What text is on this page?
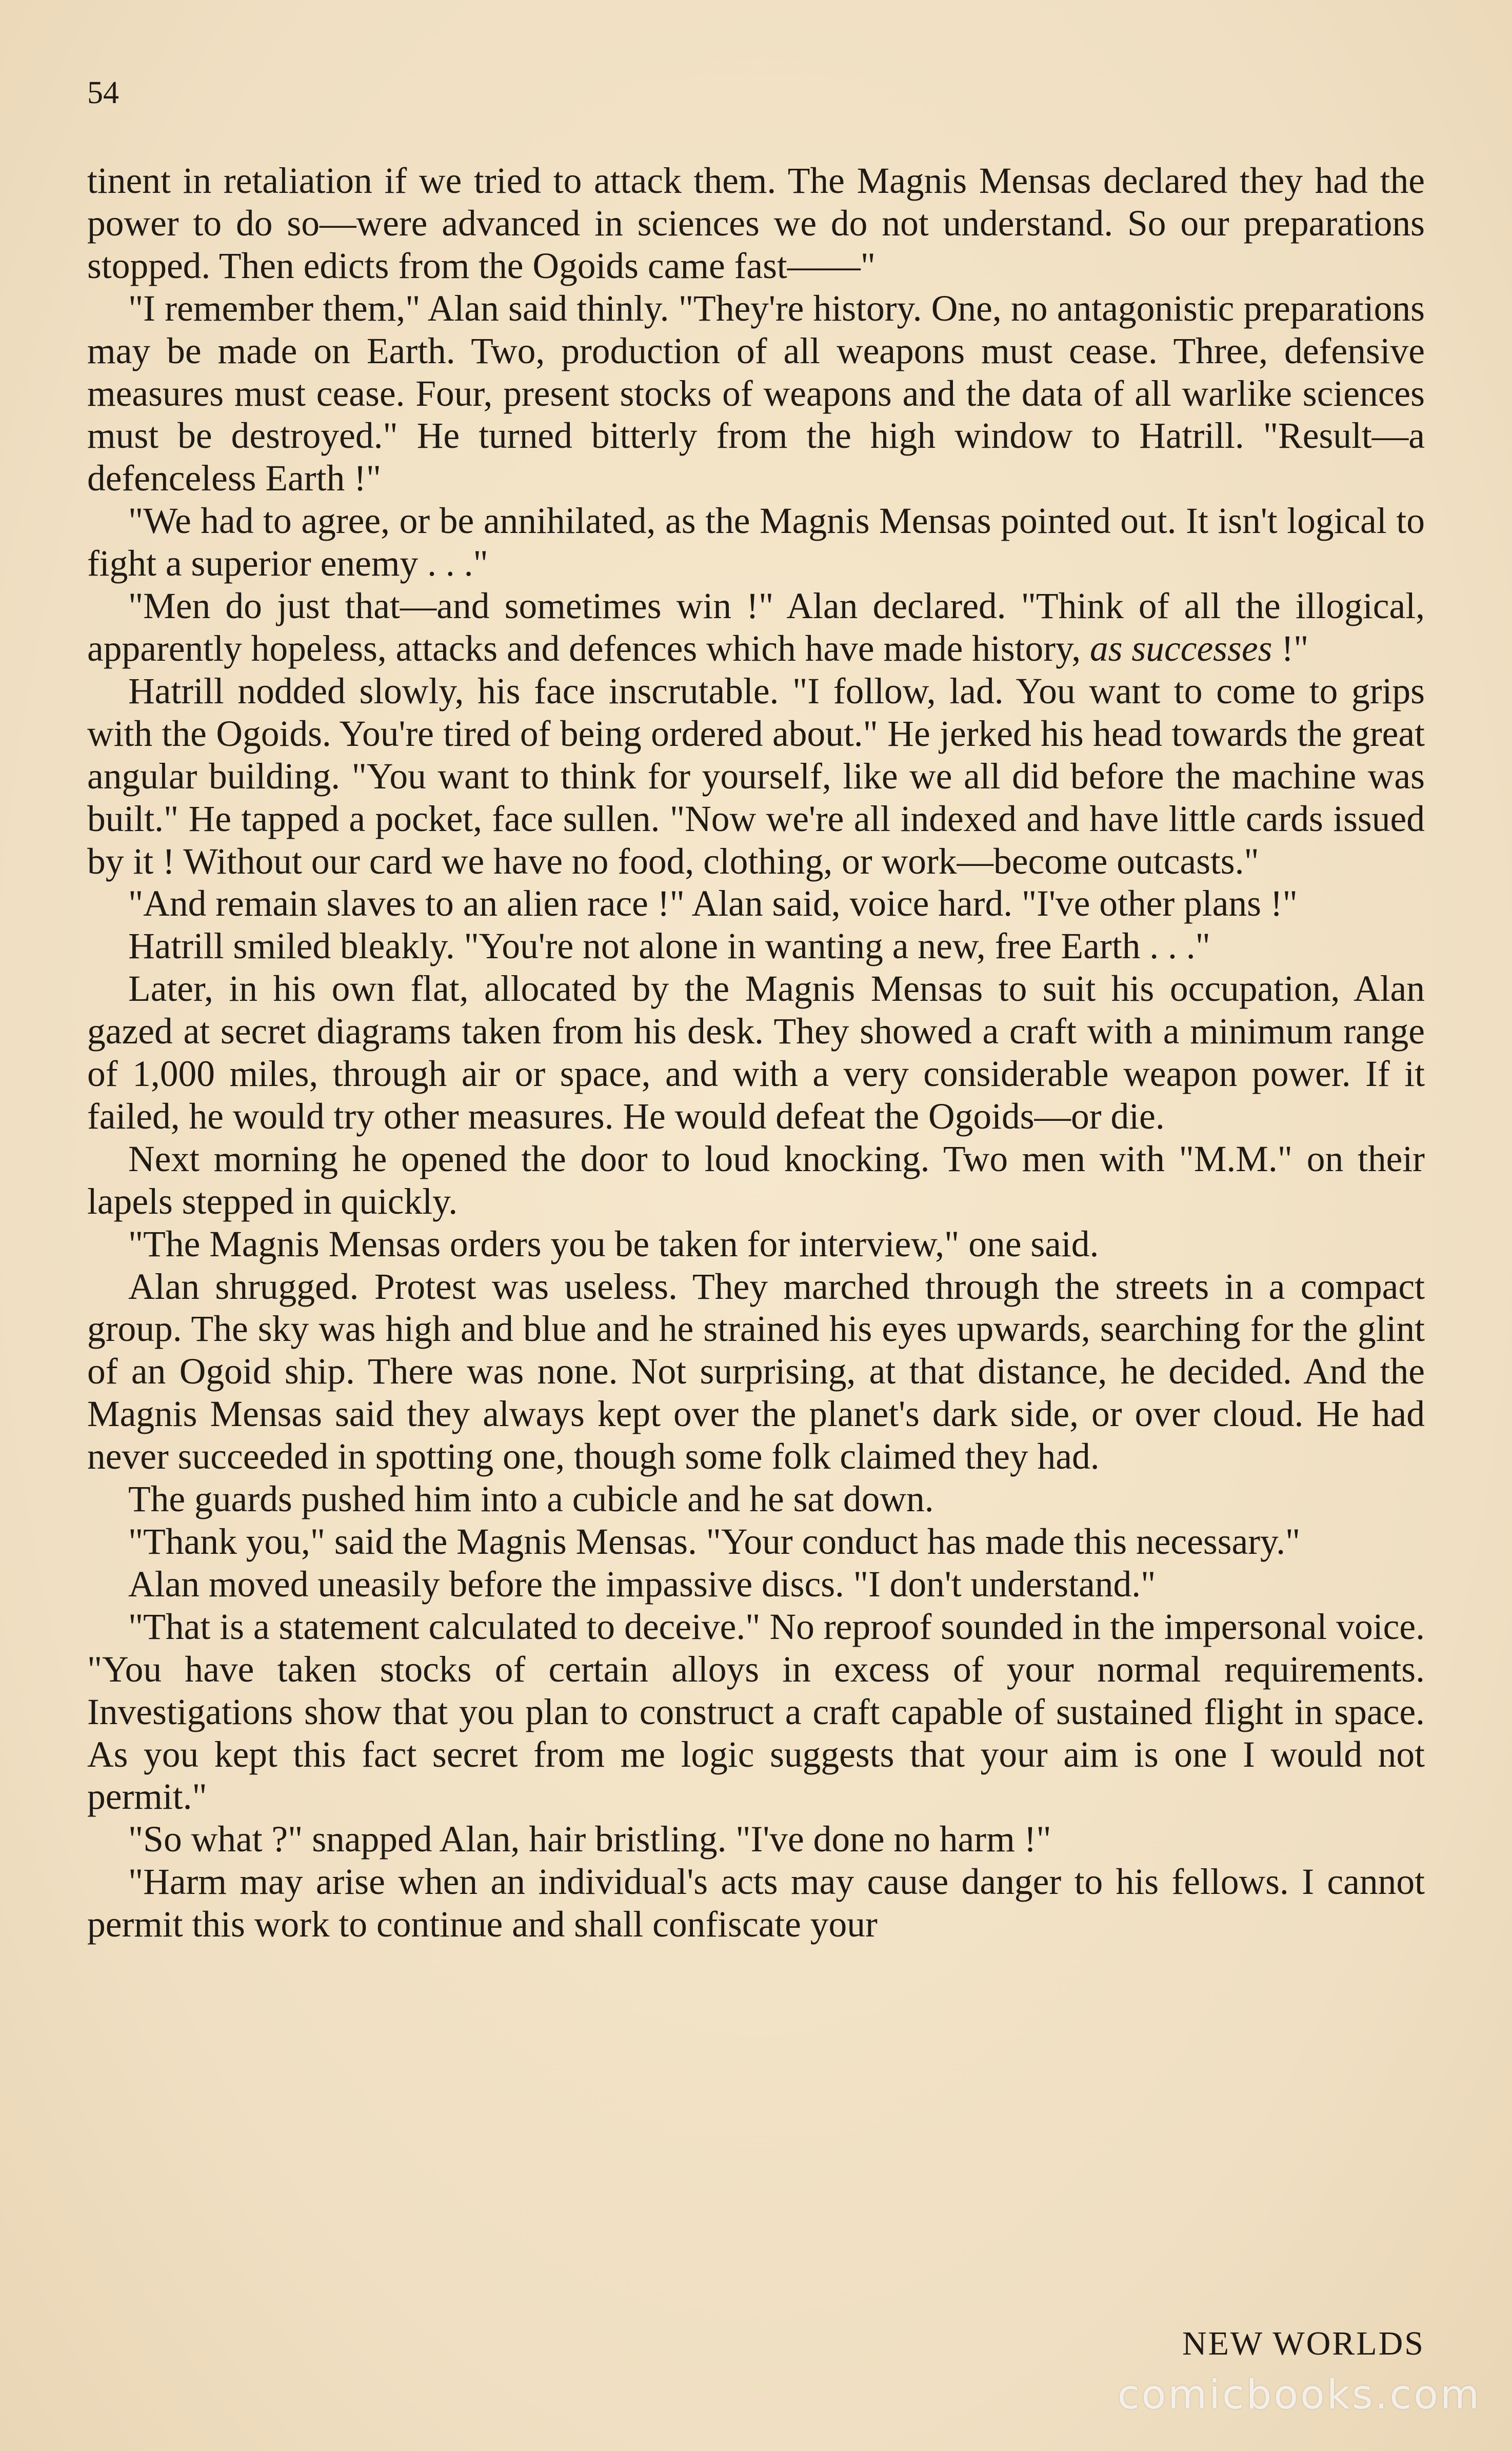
54

tinent in retaliation if we tried to attack them. The Magnis Mensas declared they had the power to do so—were advanced in sciences we do not understand. So our preparations stopped. Then edicts from the Ogoids came fast——"

"I remember them," Alan said thinly. "They're history. One, no antagonistic preparations may be made on Earth. Two, production of all weapons must cease. Three, defensive measures must cease. Four, present stocks of weapons and the data of all warlike sciences must be destroyed." He turned bitterly from the high window to Hatrill. "Result—a defenceless Earth !"

"We had to agree, or be annihilated, as the Magnis Mensas pointed out. It isn't logical to fight a superior enemy . . ."

"Men do just that—and sometimes win !" Alan declared. "Think of all the illogical, apparently hopeless, attacks and defences which have made history, as successes !"

Hatrill nodded slowly, his face inscrutable. "I follow, lad. You want to come to grips with the Ogoids. You're tired of being ordered about." He jerked his head towards the great angular building. "You want to think for yourself, like we all did before the machine was built." He tapped a pocket, face sullen. "Now we're all indexed and have little cards issued by it ! Without our card we have no food, clothing, or work—become outcasts."

"And remain slaves to an alien race !" Alan said, voice hard. "I've other plans !"

Hatrill smiled bleakly. "You're not alone in wanting a new, free Earth . . ."

Later, in his own flat, allocated by the Magnis Mensas to suit his occupation, Alan gazed at secret diagrams taken from his desk. They showed a craft with a minimum range of 1,000 miles, through air or space, and with a very considerable weapon power. If it failed, he would try other measures. He would defeat the Ogoids—or die.

Next morning he opened the door to loud knocking. Two men with "M.M." on their lapels stepped in quickly.

"The Magnis Mensas orders you be taken for interview," one said.

Alan shrugged. Protest was useless. They marched through the streets in a compact group. The sky was high and blue and he strained his eyes upwards, searching for the glint of an Ogoid ship. There was none. Not surprising, at that distance, he decided. And the Magnis Mensas said they always kept over the planet's dark side, or over cloud. He had never succeeded in spotting one, though some folk claimed they had.

The guards pushed him into a cubicle and he sat down.

"Thank you," said the Magnis Mensas. "Your conduct has made this necessary."

Alan moved uneasily before the impassive discs. "I don't understand."

"That is a statement calculated to deceive." No reproof sounded in the impersonal voice. "You have taken stocks of certain alloys in excess of your normal requirements. Investigations show that you plan to construct a craft capable of sustained flight in space. As you kept this fact secret from me logic suggests that your aim is one I would not permit."

"So what ?" snapped Alan, hair bristling. "I've done no harm !"

"Harm may arise when an individual's acts may cause danger to his fellows. I cannot permit this work to continue and shall confiscate your

NEW WORLDS
comicbooks.com
